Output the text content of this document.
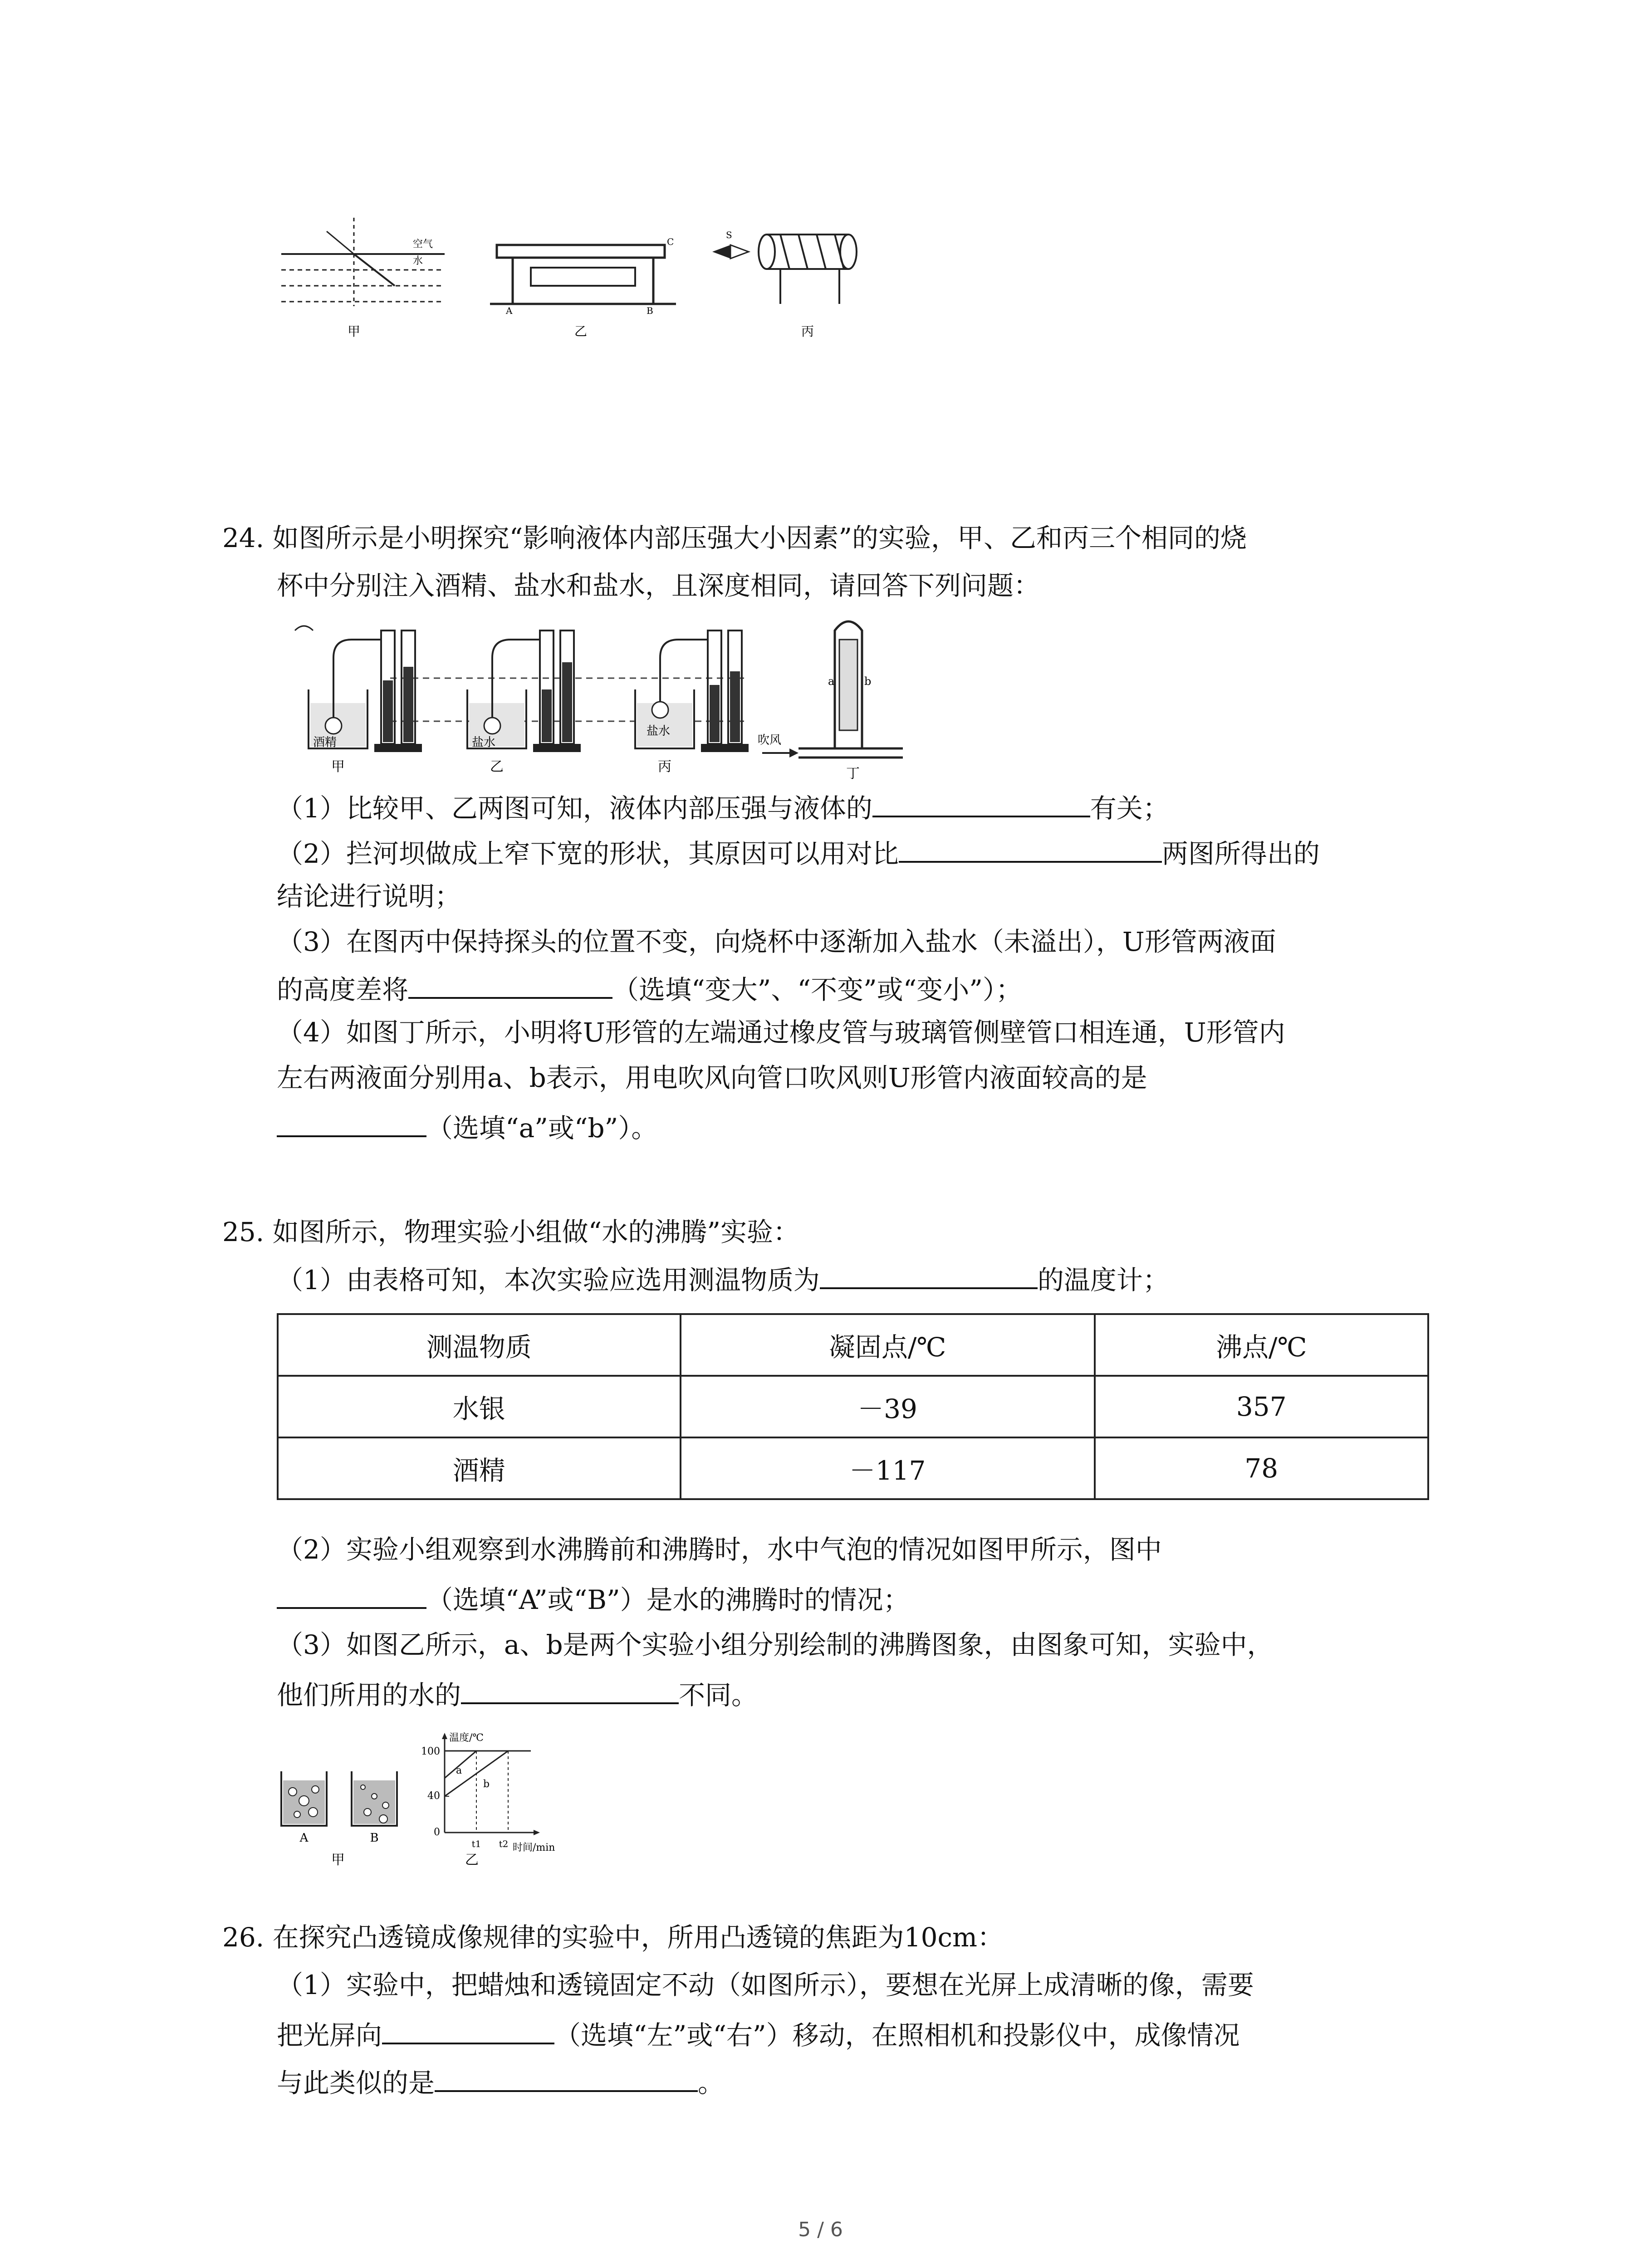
空气
水
甲
C
A	B
乙
S
丙
24. 如图所示是小明探究“影响液体内部压强大小因素”的实验，甲、乙和丙三个相同的烧
杯中分别注入酒精、盐水和盐水，且深度相同，请回答下列问题：
酒精
甲
盐水
乙
盐水
丙
a	b
吹风
丁
（1）比较甲、乙两图可知，液体内部压强与液体的	有关；
（2）拦河坝做成上窄下宽的形状，其原因可以用对比	两图所得出的
结论进行说明；
（3）在图丙中保持探头的位置不变，向烧杯中逐渐加入盐水（未溢出），U形管两液面
的高度差将	（选填“变大”、“不变”或“变小”）；
（4）如图丁所示，小明将U形管的左端通过橡皮管与玻璃管侧壁管口相连通，U形管内
左右两液面分别用a、b表示，用电吹风向管口吹风则U形管内液面较高的是
（选填“a”或“b”）。
25. 如图所示，物理实验小组做“水的沸腾”实验：
（1）由表格可知，本次实验应选用测温物质为	的温度计；
测温物质	凝固点/℃	沸点/℃
水银	－39	357
酒精	－117	78
（2）实验小组观察到水沸腾前和沸腾时，水中气泡的情况如图甲所示，图中
（选填“A”或“B”）是水的沸腾时的情况；
（3）如图乙所示，a、b是两个实验小组分别绘制的沸腾图象，由图象可知，实验中，
他们所用的水的	不同。
A	B
甲
温度/℃
时间/min
100
40
0
a
b
t1 t2
乙
26. 在探究凸透镜成像规律的实验中，所用凸透镜的焦距为10cm：
（1）实验中，把蜡烛和透镜固定不动（如图所示），要想在光屏上成清晰的像，需要
把光屏向	（选填“左”或“右”）移动，在照相机和投影仪中，成像情况
与此类似的是	。
5 / 6
